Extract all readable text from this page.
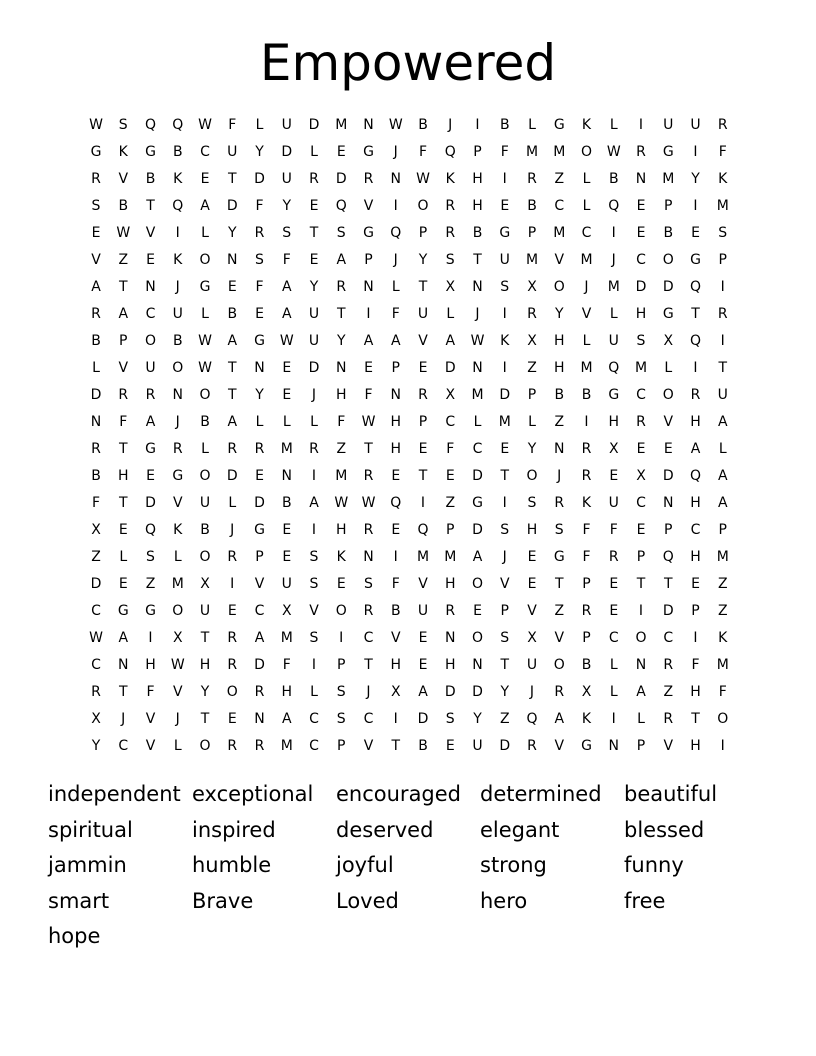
Empowered
W	S	Q	Q	W	F	L	U	D	M	N	W	B	J	I	B	L	G	K	L	I	U	U	R
G	K	G	B	C	U	Y	D	L	E	G	J	F	Q	P	F	M M	O	W	R	G	I	F
R	V	B	K	E	T	D	U	R	D	R	N	W	K	H	I	R	Z	L	B	N	M	Y	K
S	B	T	Q	A	D	F	Y	E	Q	V	I	O	R	H	E	B	C	L	Q	E	P	I	M
E	W	V	I	L	Y	R	S	T	S	G	Q	P	R	B	G	P	M	C	I	E	B	E	S
V	Z	E	K	O	N	S	F	E	A	P	J	Y	S	T	U	M	V	M	J	C	O	G	P
A	T	N	J	G	E	F	A	Y	R	N	L	T	X	N	S	X	O	J	M	D	D	Q	I
R	A	C	U	L	B	E	A	U	T	I	F	U	L	J	I	R	Y	V	L	H	G	T	R
B	P	O	B	W	A	G	W	U	Y	A	A	V	A	W	K	X	H	L	U	S	X	Q	I
L	V	U	O	W	T	N	E	D	N	E	P	E	D	N	I	Z	H	M	Q	M	L	I	T
D	R	R	N	O	T	Y	E	J	H	F	N	R	X	M	D	P	B	B	G	C	O	R	U
N	F	A	J	B	A	L	L	L	F	W	H	P	C	L	M	L	Z	I	H	R	V	H	A
R	T	G	R	L	R	R	M	R	Z	T	H	E	F	C	E	Y	N	R	X	E	E	A	L
B	H	E	G	O	D	E	N	I	M	R	E	T	E	D	T	O	J	R	E	X	D	Q	A
F	T	D	V	U	L	D	B	A	W W	Q	I	Z	G	I	S	R	K	U	C	N	H	A
X	E	Q	K	B	J	G	E	I	H	R	E	Q	P	D	S	H	S	F	F	E	P	C	P
Z	L	S	L	O	R	P	E	S	K	N	I	M M	A	J	E	G	F	R	P	Q	H	M
D	E	Z	M	X	I	V	U	S	E	S	F	V	H	O	V	E	T	P	E	T	T	E	Z
C	G	G	O	U	E	C	X	V	O	R	B	U	R	E	P	V	Z	R	E	I	D	P	Z
W	A	I	X	T	R	A	M	S	I	C	V	E	N	O	S	X	V	P	C	O	C	I	K
C	N	H	W	H	R	D	F	I	P	T	H	E	H	N	T	U	O	B	L	N	R	F	M
R	T	F	V	Y	O	R	H	L	S	J	X	A	D	D	Y	J	R	X	L	A	Z	H	F
X	J	V	J	T	E	N	A	C	S	C	I	D	S	Y	Z	Q	A	K	I	L	R	T	O
Y	C	V	L	O	R	R	M	C	P	V	T	B	E	U	D	R	V	G	N	P	V	H	I
independent exceptional encouraged determined beautiful
spiritual	inspired	deserved elegant	blessed
jammin	humble	joyful	strong	funny
smart	Brave	Loved	hero	free
hope
